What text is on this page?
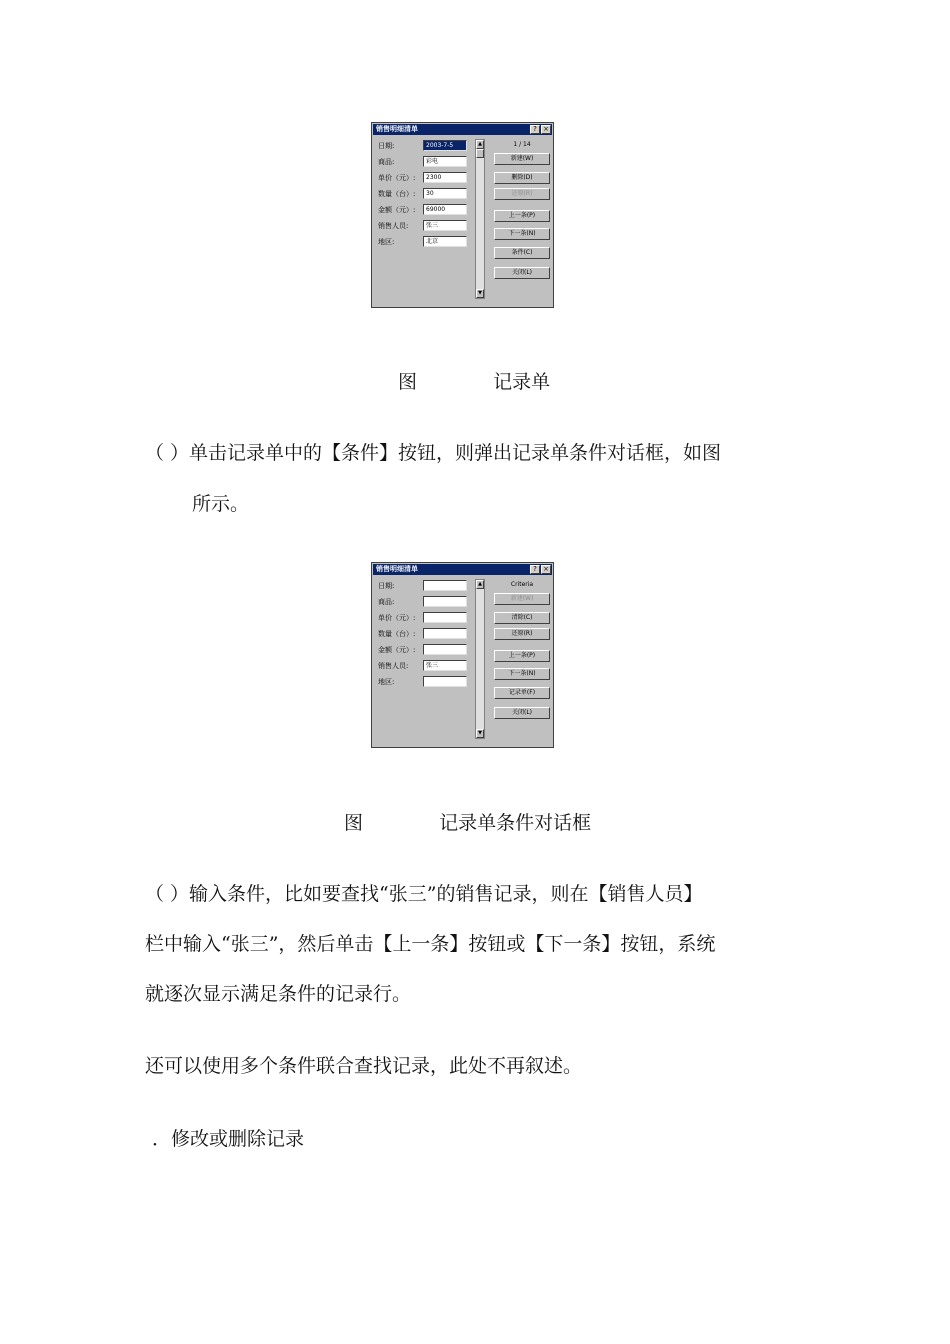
销售明细清单	? ×
日期:	2003-7-5
商品:	彩电
单价（元）:	2300
数量（台）:	30
金额（元）:	69000
销售人员:	张三
地区:	北京
▲
▼
1 / 14
新建(W)
删除(D)
还原(R)
上一条(P)
下一条(N)
条件(C)
关闭(L)
图	记录单
（ ）单击记录单中的【条件】按钮，则弹出记录单条件对话框，如图
所示。
销售明细清单	? ×
日期:
商品:
单价（元）:
数量（台）:
金额（元）:
销售人员:	张三
地区:
▲
▼
Criteria
新建(W)
清除(C)
还原(R)
上一条(P)
下一条(N)
记录单(F)
关闭(L)
图	记录单条件对话框
（ ）输入条件，比如要查找“张三”的销售记录，则在【销售人员】
栏中输入“张三”，然后单击【上一条】按钮或【下一条】按钮，系统
就逐次显示满足条件的记录行。
还可以使用多个条件联合查找记录，此处不再叙述。
．修改或删除记录
